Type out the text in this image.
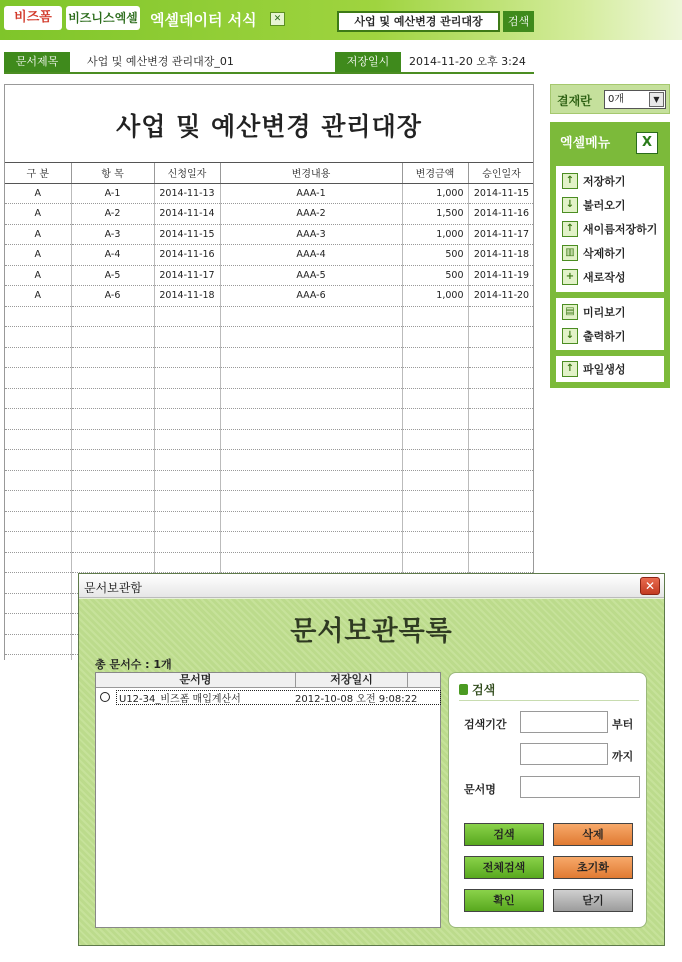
비즈폼	비즈니스엑셀 엑셀데이터 서식	✕	사업 및 예산변경 관리대장	검색
문서제목	사업 및 예산변경 관리대장_01	저장일시	2014-11-20 오후 3:24
사업 및 예산변경 관리대장
구 분	항 목	신청일자	변경내용	변경금액	승인일자
A	A-1	2014-11-13	AAA-1	1,000	2014-11-15
A	A-2	2014-11-14	AAA-2	1,500	2014-11-16
A	A-3	2014-11-15	AAA-3	1,000	2014-11-17
A	A-4	2014-11-16	AAA-4	500	2014-11-18
A	A-5	2014-11-17	AAA-5	500	2014-11-19
A	A-6	2014-11-18	AAA-6	1,000	2014-11-20

결재란	0개	▼
엑셀메뉴	X
↑ 저장하기
↓ 불러오기
↑ 새이름저장하기
▥ 삭제하기
+ 새로작성
▤ 미리보기
↓ 출력하기
↑ 파일생성
문서보관함	✕
문서보관목록
총 문서수 : 1개
문서명	저장일시
U12-34_비즈폼 매입계산서	2012-10-08 오전 9:08:22
검색
검색기간	부터
까지
문서명
검색	삭제
전체검색	초기화
확인	닫기
